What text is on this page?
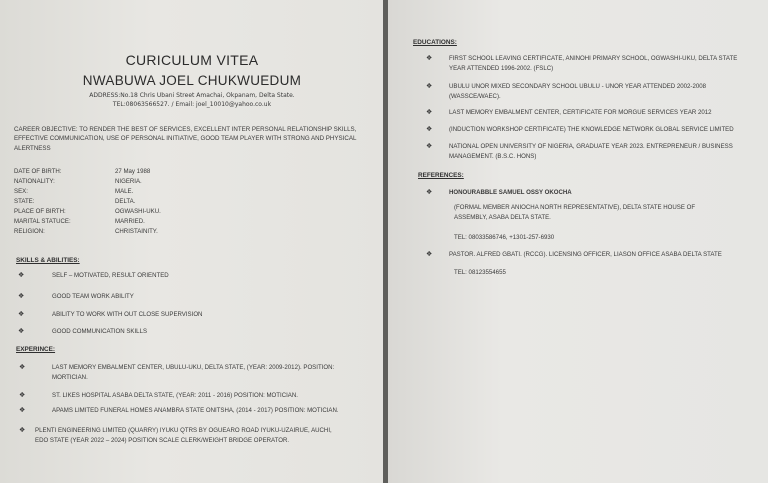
CURICULUM VITEA
NWABUWA JOEL CHUKWUEDUM
ADDRESS:No.18 Chris Ubani Street Amachai, Okpanam, Delta State.
TEL:08063566527. / Email: joel_10010@yahoo.co.uk
CAREER OBJECTIVE: TO RENDER THE BEST OF SERVICES, EXCELLENT INTER PERSONAL RELATIONSHIP SKILLS, EFFECTIVE COMMUNICATION, USE OF PERSONAL INITIATIVE, GOOD TEAM PLAYER WITH STRONG AND PHYSICAL ALERTNESS
DATE OF BIRTH:	27 May 1988
NATIONALITY:	NIGERIA.
SEX:	MALE.
STATE:	DELTA.
PLACE OF BIRTH:	OGWASHI-UKU.
MARITAL STATUCE:	MARRIED.
RELIGION:	CHRISTAINITY.
SKILLS & ABILITIES:
❖	SELF – MOTIVATED, RESULT ORIENTED
❖	GOOD TEAM WORK ABILITY
❖	ABILITY TO WORK WITH OUT CLOSE SUPERVISION
❖	GOOD COMMUNICATION SKILLS
EXPERINCE:
❖	LAST MEMORY EMBALMENT CENTER, UBULU-UKU, DELTA STATE, (YEAR: 2009-2012). POSITION:
MORTICIAN.
❖	ST. LIKES HOSPITAL ASABA DELTA STATE, (YEAR: 2011 - 2016) POSITION: MOTICIAN.
❖	APAMS LIMITED FUNERAL HOMES ANAMBRA STATE ONITSHA, (2014 - 2017) POSITION: MOTICIAN.
❖ PLENTI ENGINEERING LIMITED (QUARRY) IYUKU QTRS BY OGUEARO ROAD IYUKU-UZAIRUE, AUCHI,
EDO STATE (YEAR 2022 – 2024) POSITION SCALE CLERK/WEIGHT BRIDGE OPERATOR.
EDUCATIONS:
❖	FIRST SCHOOL LEAVING CERTIFICATE, ANINOHI PRIMARY SCHOOL, OGWASHI-UKU, DELTA STATE
YEAR ATTENDED 1996-2002. (FSLC)
❖	UBULU UNOR MIXED SECONDARY SCHOOL UBULU - UNOR YEAR ATTENDED 2002-2008
(WASSCE/WAEC).
❖	LAST MEMORY EMBALMENT CENTER, CERTIFICATE FOR MORGUE SERVICES YEAR 2012
❖	(INDUCTION WORKSHOP CERTIFICATE) THE KNOWLEDGE NETWORK GLOBAL SERVICE LIMITED
❖	NATIONAL OPEN UNIVERSITY OF NIGERIA, GRADUATE YEAR 2023. ENTREPRENEUR / BUSINESS
MANAGEMENT. (B.S.C. HONS)
REFERENCES:
❖	HONOURABBLE SAMUEL OSSY OKOCHA
(FORMAL MEMBER ANIOCHA NORTH REPRESENTATIVE), DELTA STATE HOUSE OF
ASSEMBLY, ASABA DELTA STATE.
TEL: 08033586746, +1301-257-6930
❖	PASTOR. ALFRED GBATI. (RCCG). LICENSING OFFICER, LIASON OFFICE ASABA DELTA STATE
TEL: 08123554655
